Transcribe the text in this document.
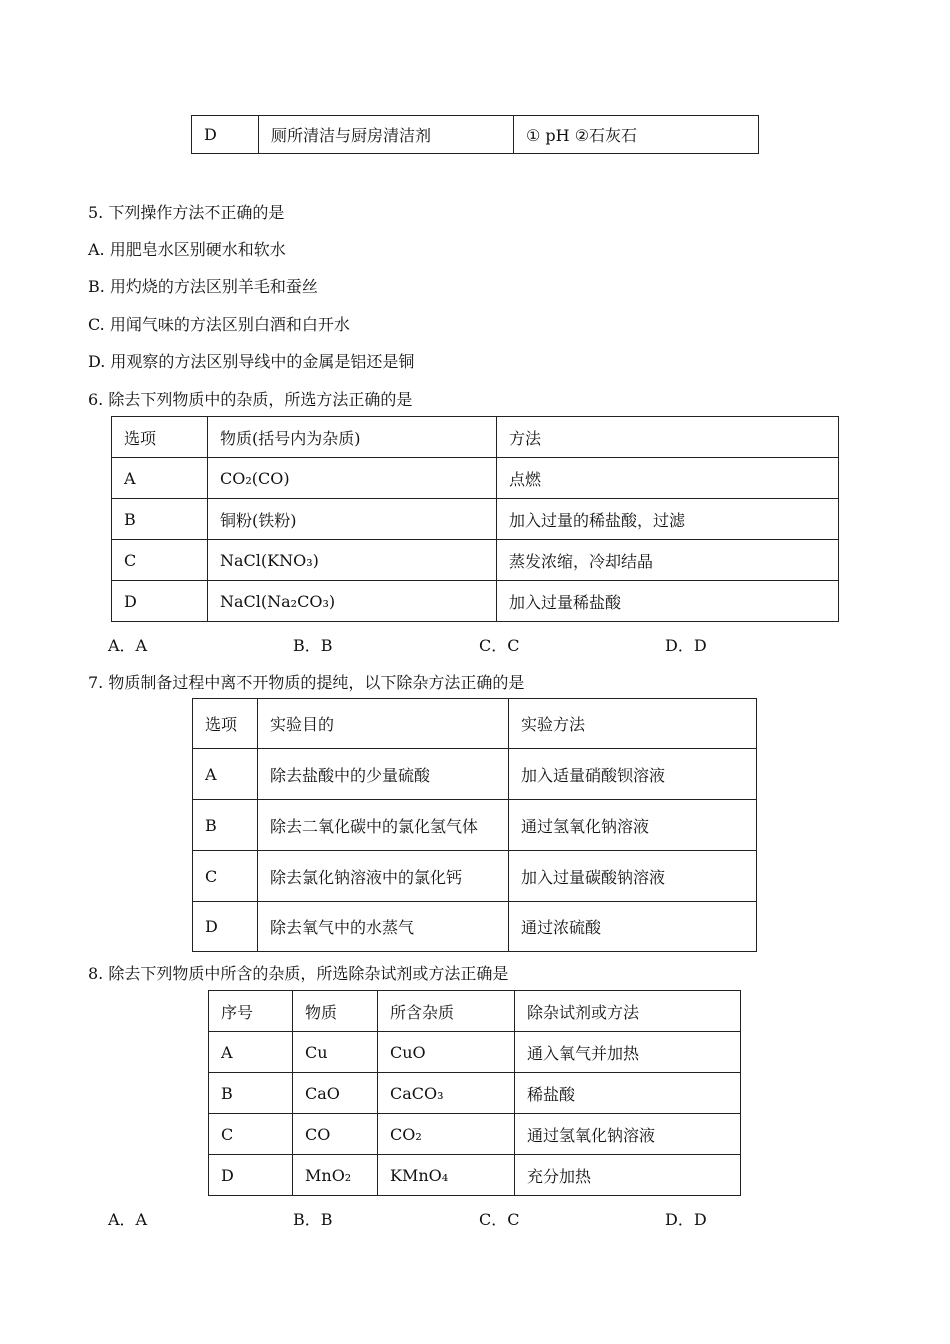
D	厕所清洁与厨房清洁剂	① pH ②石灰石
5. 下列操作方法不正确的是
A. 用肥皂水区别硬水和软水
B. 用灼烧的方法区别羊毛和蚕丝
C. 用闻气味的方法区别白酒和白开水
D. 用观察的方法区别导线中的金属是铝还是铜
6. 除去下列物质中的杂质，所选方法正确的是
选项	物质(括号内为杂质)	方法
A	CO₂(CO)	点燃
B	铜粉(铁粉)	加入过量的稀盐酸，过滤
C	NaCl(KNO₃)	蒸发浓缩，冷却结晶
D	NaCl(Na₂CO₃)	加入过量稀盐酸
A．A	B．B	C．C	D．D
7. 物质制备过程中离不开物质的提纯，以下除杂方法正确的是
选项	实验目的	实验方法
A	除去盐酸中的少量硫酸	加入适量硝酸钡溶液
B	除去二氧化碳中的氯化氢气体	通过氢氧化钠溶液
C	除去氯化钠溶液中的氯化钙	加入过量碳酸钠溶液
D	除去氧气中的水蒸气	通过浓硫酸
8. 除去下列物质中所含的杂质，所选除杂试剂或方法正确是
序号	物质	所含杂质	除杂试剂或方法
A	Cu	CuO	通入氧气并加热
B	CaO	CaCO₃	稀盐酸
C	CO	CO₂	通过氢氧化钠溶液
D	MnO₂	KMnO₄	充分加热
A．A	B．B	C．C	D．D
